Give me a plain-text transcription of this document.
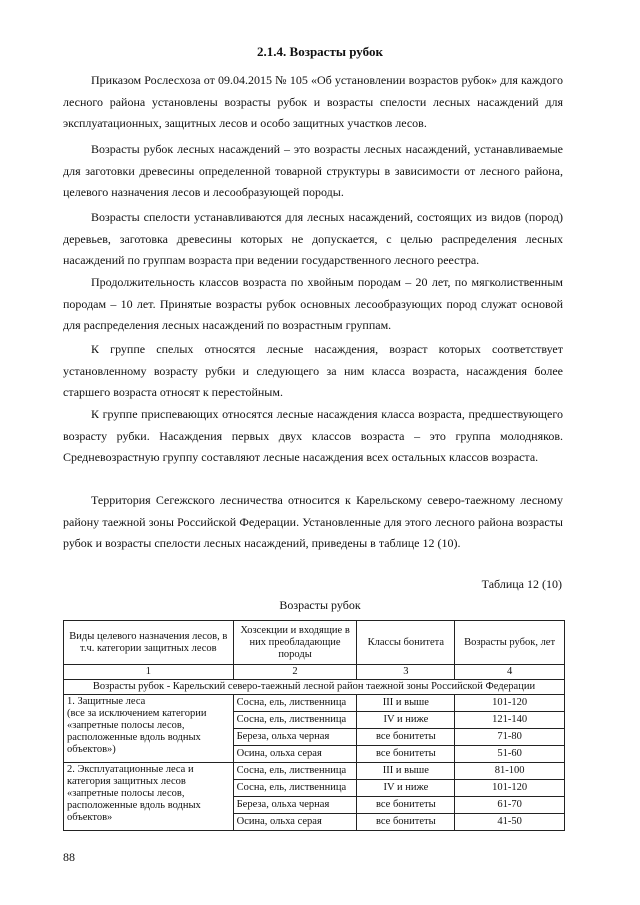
2.1.4. Возрасты рубок

Приказом Рослесхоза от 09.04.2015 № 105 «Об установлении возрастов рубок» для каждого лесного района установлены возрасты рубок и возрасты спелости лесных насаждений для эксплуатационных, защитных лесов и особо защитных участков лесов.

Возрасты рубок лесных насаждений – это возрасты лесных насаждений, устанавливаемые для заготовки древесины определенной товарной структуры в зависимости от лесного района, целевого назначения лесов и лесообразующей породы.

Возрасты спелости устанавливаются для лесных насаждений, состоящих из видов (пород) деревьев, заготовка древесины которых не допускается, с целью распределения лесных насаждений по группам возраста при ведении государственного лесного реестра.

Продолжительность классов возраста по хвойным породам – 20 лет, по мягколиственным породам – 10 лет. Принятые возрасты рубок основных лесообразующих пород служат основой для распределения лесных насаждений по возрастным группам.

К группе спелых относятся лесные насаждения, возраст которых соответствует установленному возрасту рубки и следующего за ним класса возраста, насаждения более старшего возраста относят к перестойным.

К группе приспевающих относятся лесные насаждения класса возраста, предшествующего возрасту рубки. Насаждения первых двух классов возраста – это группа молодняков. Средневозрастную группу составляют лесные насаждения всех остальных классов возраста.

Территория Сегежского лесничества относится к Карельскому северо-таежному лесному району таежной зоны Российской Федерации. Установленные для этого лесного района возрасты рубок и возрасты спелости лесных насаждений, приведены в таблице 12 (10).

Таблица 12 (10)
Возрасты рубок
Виды целевого назначения лесов, в т.ч. категории защитных лесов	Хозсекции и входящие в них преобладающие породы	Классы бонитета	Возрасты рубок, лет
1	2	3	4
Возрасты рубок - Карельский северо-таежный лесной район таежной зоны Российской Федерации			
1. Защитные леса
(все за исключением категории «запретные полосы лесов, расположенные вдоль водных объектов»)	Сосна, ель, лиственница	III и выше	101-120
	Сосна, ель, лиственница	IV и ниже	121-140
	Береза, ольха черная	все бонитеты	71-80
	Осина, ольха серая	все бонитеты	51-60
2. Эксплуатационные леса и категория защитных лесов «запретные полосы лесов, расположенные вдоль водных объектов»	Сосна, ель, лиственница	III и выше	81-100
	Сосна, ель, лиственница	IV и ниже	101-120
	Береза, ольха черная	все бонитеты	61-70
	Осина, ольха серая	все бонитеты	41-50
88
